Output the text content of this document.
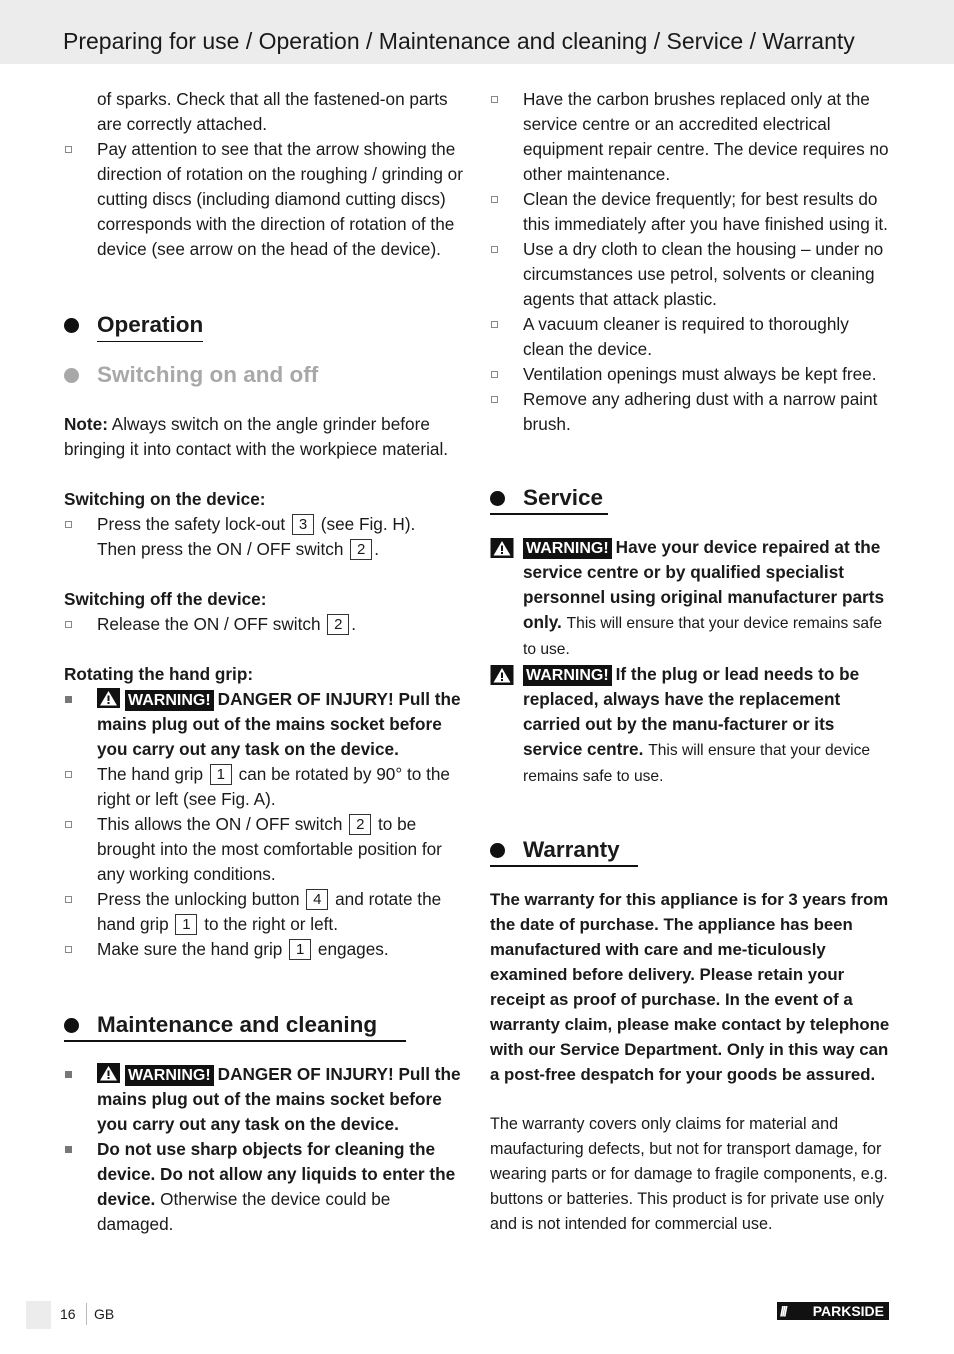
Preparing for use / Operation / Maintenance and cleaning / Service / Warranty
of sparks. Check that all the fastened-on parts are correctly attached.
Pay attention to see that the arrow showing the direction of rotation on the roughing / grinding or cutting discs (including diamond cutting discs) corresponds with the direction of rotation of the device (see arrow on the head of the device).
Operation
Switching on and off

Note: Always switch on the angle grinder before bringing it into contact with the workpiece material.

Switching on the device:

Press the safety lock-out 3 (see Fig. H).
Then press the ON / OFF switch 2 .

Switching off the device:

Release the ON / OFF switch 2 .

Rotating the hand grip:

WARNING! DANGER OF INJURY! Pull the mains plug out of the mains socket before you carry out any task on the device.
The hand grip 1 can be rotated by 90° to the right or left (see Fig. A).
This allows the ON / OFF switch 2 to be brought into the most comfortable position for any working conditions.
Press the unlocking button 4 and rotate the hand grip 1 to the right or left.
Make sure the hand grip 1 engages.
Maintenance and cleaning
WARNING! DANGER OF INJURY! Pull the mains plug out of the mains socket before you carry out any task on the device.
Do not use sharp objects for cleaning the device. Do not allow any liquids to enter the device. Otherwise the device could be damaged.
Have the carbon brushes replaced only at the service centre or an accredited electrical equipment repair centre. The device requires no other maintenance.
Clean the device frequently; for best results do this immediately after you have finished using it.
Use a dry cloth to clean the housing – under no circumstances use petrol, solvents or cleaning agents that attack plastic.
A vacuum cleaner is required to thoroughly clean the device.
Ventilation openings must always be kept free.
Remove any adhering dust with a narrow paint brush.
Service
WARNING! Have your device repaired at the service centre or by qualified specialist personnel using original manufacturer parts only. This will ensure that your device remains safe to use.
WARNING! If the plug or lead needs to be replaced, always have the replacement carried out by the manu-facturer or its service centre. This will ensure that your device remains safe to use.
Warranty

The warranty for this appliance is for 3 years from the date of purchase. The appliance has been manufactured with care and me-ticulously examined before delivery. Please retain your receipt as proof of purchase. In the event of a warranty claim, please make contact by telephone with our Service Department. Only in this way can a post-free despatch for your goods be assured.

The warranty covers only claims for material and maufacturing defects, but not for transport damage, for wearing parts or for damage to fragile components, e.g. buttons or batteries. This product is for private use only and is not intended for commercial use.

16 GB	/// PARKSIDE
